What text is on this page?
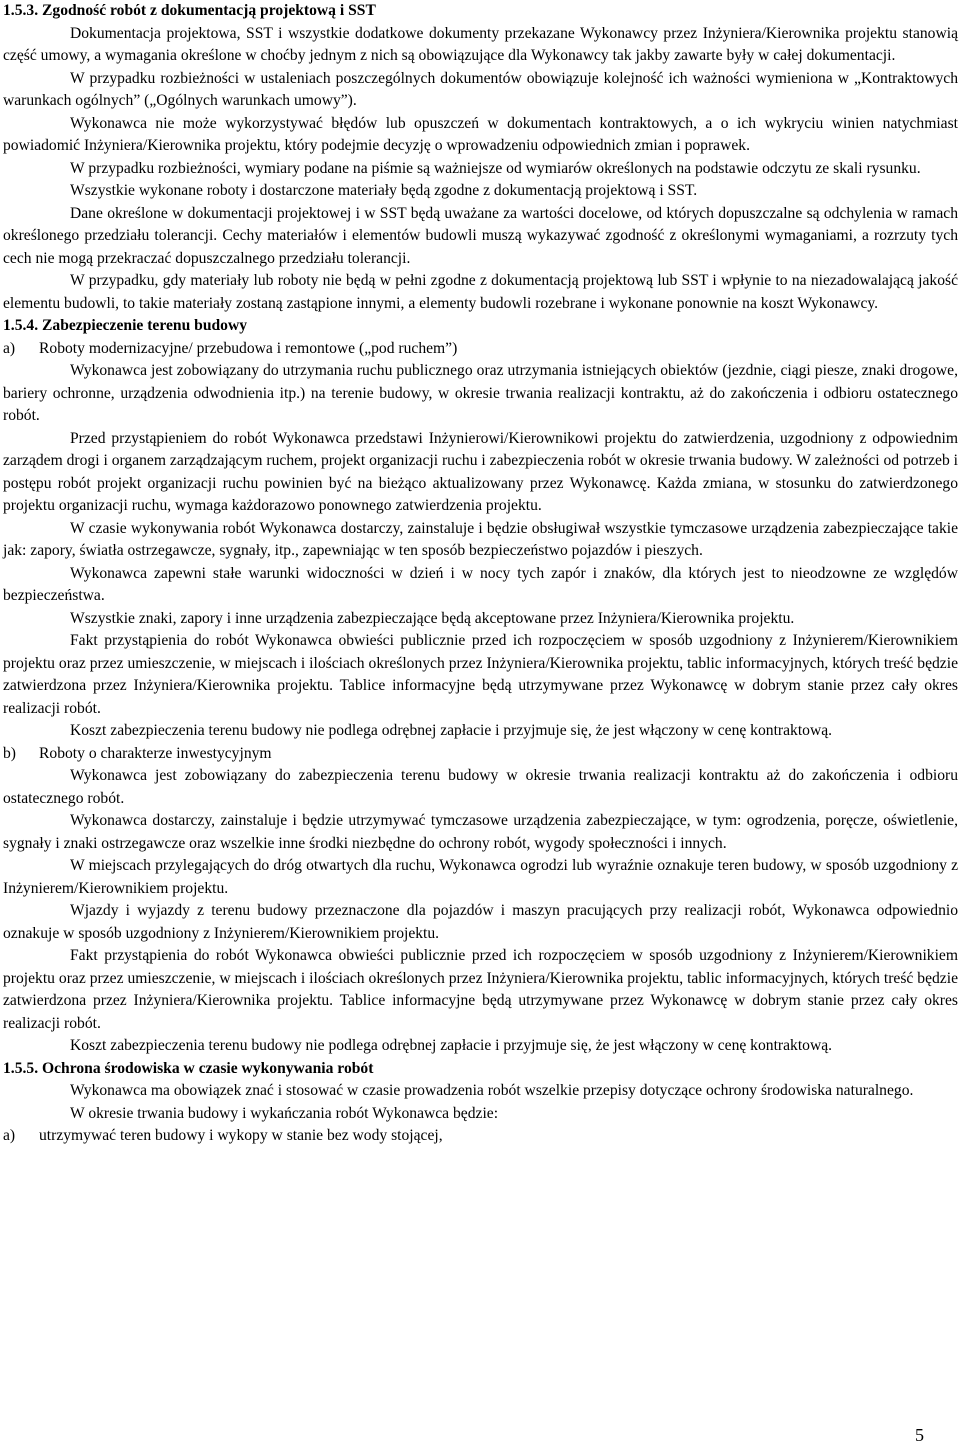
1.5.3. Zgodność robót z dokumentacją projektową i SST

Dokumentacja projektowa, SST i wszystkie dodatkowe dokumenty przekazane Wykonawcy przez Inżyniera/Kierownika projektu stanowią część umowy, a wymagania określone w choćby jednym z nich są obowiązujące dla Wykonawcy tak jakby zawarte były w całej dokumentacji.

W przypadku rozbieżności w ustaleniach poszczególnych dokumentów obowiązuje kolejność ich ważności wymieniona w „Kontraktowych warunkach ogólnych” („Ogólnych warunkach umowy”).

Wykonawca nie może wykorzystywać błędów lub opuszczeń w dokumentach kontraktowych, a o ich wykryciu winien natychmiast powiadomić Inżyniera/Kierownika projektu, który podejmie decyzję o wprowadzeniu odpowiednich zmian i poprawek.

W przypadku rozbieżności, wymiary podane na piśmie są ważniejsze od wymiarów określonych na podstawie odczytu ze skali rysunku.

Wszystkie wykonane roboty i dostarczone materiały będą zgodne z dokumentacją projektową i SST.

Dane określone w dokumentacji projektowej i w SST będą uważane za wartości docelowe, od których dopuszczalne są odchylenia w ramach określonego przedziału tolerancji. Cechy materiałów i elementów budowli muszą wykazywać zgodność z określonymi wymaganiami, a rozrzuty tych cech nie mogą przekraczać dopuszczalnego przedziału tolerancji.

W przypadku, gdy materiały lub roboty nie będą w pełni zgodne z dokumentacją projektową lub SST i wpłynie to na niezadowalającą jakość elementu budowli, to takie materiały zostaną zastąpione innymi, a elementy budowli rozebrane i wykonane ponownie na koszt Wykonawcy.

1.5.4. Zabezpieczenie terenu budowy

a)	Roboty modernizacyjne/ przebudowa i remontowe („pod ruchem”)

Wykonawca jest zobowiązany do utrzymania ruchu publicznego oraz utrzymania istniejących obiektów (jezdnie, ciągi piesze, znaki drogowe, bariery ochronne, urządzenia odwodnienia itp.) na terenie budowy, w okresie trwania realizacji kontraktu, aż do zakończenia i odbioru ostatecznego robót.

Przed przystąpieniem do robót Wykonawca przedstawi Inżynierowi/Kierownikowi projektu do zatwierdzenia, uzgodniony z odpowiednim zarządem drogi i organem zarządzającym ruchem, projekt organizacji ruchu i zabezpieczenia robót w okresie trwania budowy. W zależności od potrzeb i postępu robót projekt organizacji ruchu powinien być na bieżąco aktualizowany przez Wykonawcę. Każda zmiana, w stosunku do zatwierdzonego projektu organizacji ruchu, wymaga każdorazowo ponownego zatwierdzenia projektu.

W czasie wykonywania robót Wykonawca dostarczy, zainstaluje i będzie obsługiwał wszystkie tymczasowe urządzenia zabezpieczające takie jak: zapory, światła ostrzegawcze, sygnały, itp., zapewniając w ten sposób bezpieczeństwo pojazdów i pieszych.

Wykonawca zapewni stałe warunki widoczności w dzień i w nocy tych zapór i znaków, dla których jest to nieodzowne ze względów bezpieczeństwa.

Wszystkie znaki, zapory i inne urządzenia zabezpieczające będą akceptowane przez Inżyniera/Kierownika projektu.

Fakt przystąpienia do robót Wykonawca obwieści publicznie przed ich rozpoczęciem w sposób uzgodniony z Inżynierem/Kierownikiem projektu oraz przez umieszczenie, w miejscach i ilościach określonych przez Inżyniera/Kierownika projektu, tablic informacyjnych, których treść będzie zatwierdzona przez Inżyniera/Kierownika projektu. Tablice informacyjne będą utrzymywane przez Wykonawcę w dobrym stanie przez cały okres realizacji robót.

Koszt zabezpieczenia terenu budowy nie podlega odrębnej zapłacie i przyjmuje się, że jest włączony w cenę kontraktową.

b)	Roboty o charakterze inwestycyjnym

Wykonawca jest zobowiązany do zabezpieczenia terenu budowy w okresie trwania realizacji kontraktu aż do zakończenia i odbioru ostatecznego robót.

Wykonawca dostarczy, zainstaluje i będzie utrzymywać tymczasowe urządzenia zabezpieczające, w tym: ogrodzenia, poręcze, oświetlenie, sygnały i znaki ostrzegawcze oraz wszelkie inne środki niezbędne do ochrony robót, wygody społeczności i innych.

W miejscach przylegających do dróg otwartych dla ruchu, Wykonawca ogrodzi lub wyraźnie oznakuje teren budowy, w sposób uzgodniony z Inżynierem/Kierownikiem projektu.

Wjazdy i wyjazdy z terenu budowy przeznaczone dla pojazdów i maszyn pracujących przy realizacji robót, Wykonawca odpowiednio oznakuje w sposób uzgodniony z Inżynierem/Kierownikiem projektu.

Fakt przystąpienia do robót Wykonawca obwieści publicznie przed ich rozpoczęciem w sposób uzgodniony z Inżynierem/Kierownikiem projektu oraz przez umieszczenie, w miejscach i ilościach określonych przez Inżyniera/Kierownika projektu, tablic informacyjnych, których treść będzie zatwierdzona przez Inżyniera/Kierownika projektu. Tablice informacyjne będą utrzymywane przez Wykonawcę w dobrym stanie przez cały okres realizacji robót.

Koszt zabezpieczenia terenu budowy nie podlega odrębnej zapłacie i przyjmuje się, że jest włączony w cenę kontraktową.

1.5.5. Ochrona środowiska w czasie wykonywania robót

Wykonawca ma obowiązek znać i stosować w czasie prowadzenia robót wszelkie przepisy dotyczące ochrony środowiska naturalnego.

W okresie trwania budowy i wykańczania robót Wykonawca będzie:

a)	utrzymywać teren budowy i wykopy w stanie bez wody stojącej,

5
